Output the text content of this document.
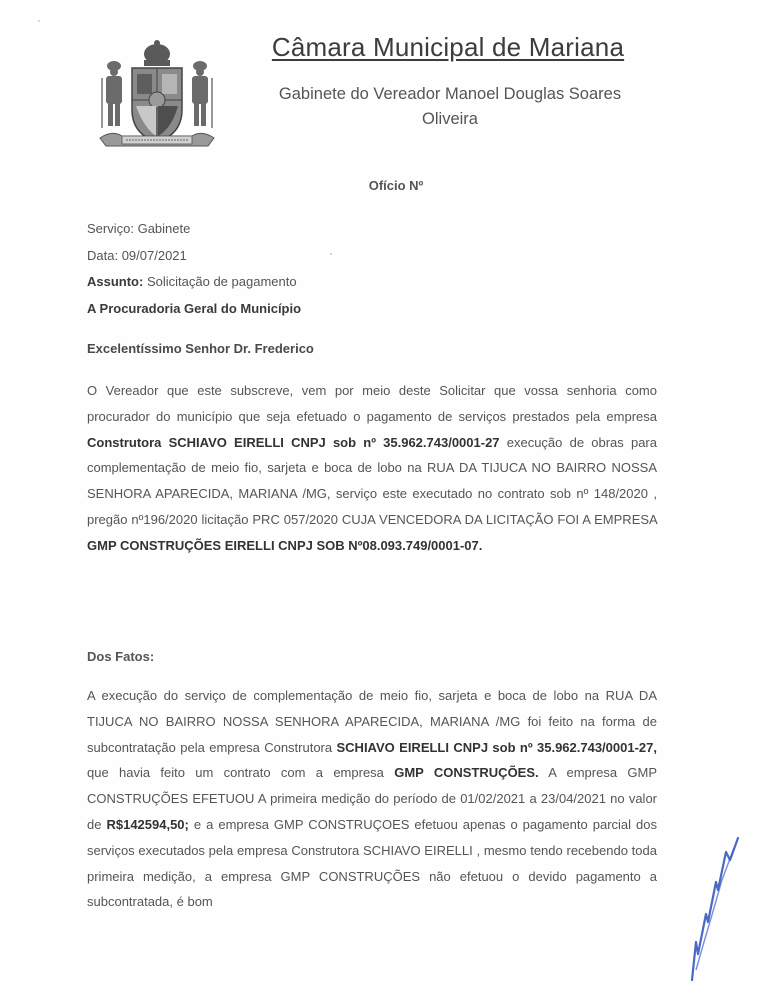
Câmara Municipal de Mariana
Gabinete do Vereador Manoel Douglas Soares
Oliveira
Ofício Nº
Serviço: Gabinete
Data: 09/07/2021
Assunto: Solicitação de pagamento
A Procuradoria Geral do Município
Excelentíssimo Senhor Dr. Frederico
O Vereador que este subscreve, vem por meio deste Solicitar que vossa senhoria como procurador do município que seja efetuado o pagamento de serviços prestados pela empresa Construtora SCHIAVO EIRELLI CNPJ sob nº 35.962.743/0001-27 execução de obras para complementação de meio fio, sarjeta e boca de lobo na RUA DA TIJUCA NO BAIRRO NOSSA SENHORA APARECIDA, MARIANA /MG, serviço este executado no contrato sob nº 148/2020 , pregão nº196/2020 licitação PRC 057/2020 CUJA VENCEDORA DA LICITAÇÃO FOI A EMPRESA GMP CONSTRUÇÕES EIRELLI CNPJ SOB Nº08.093.749/0001-07.
Dos Fatos:
A execução do serviço de complementação de meio fio, sarjeta e boca de lobo na RUA DA TIJUCA NO BAIRRO NOSSA SENHORA APARECIDA, MARIANA /MG foi feito na forma de subcontratação pela empresa Construtora SCHIAVO EIRELLI CNPJ sob nº 35.962.743/0001-27, que havia feito um contrato com a empresa GMP CONSTRUÇÕES. A empresa GMP CONSTRUÇÕES EFETUOU A primeira medição do período de 01/02/2021 a 23/04/2021 no valor de R$142594,50; e a empresa GMP CONSTRUÇOES efetuou apenas o pagamento parcial dos serviços executados pela empresa Construtora SCHIAVO EIRELLI , mesmo tendo recebendo toda primeira medição, a empresa GMP CONSTRUÇÕES não efetuou o devido pagamento a subcontratada, é bom
